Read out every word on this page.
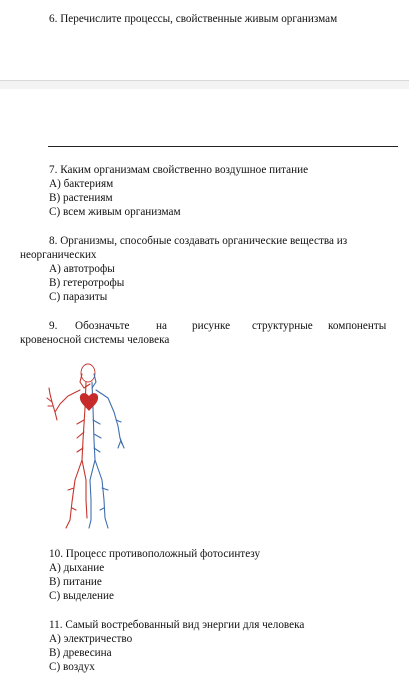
6. Перечислите процессы, свойственные живым организмам
7. Каким организмам свойственно воздушное питание
А) бактериям
В) растениям
С) всем живым организмам
8. Организмы, способные создавать органические вещества из
неорганических
А) автотрофы
В) гетеротрофы
С) паразиты
9. Обозначьте на рисунке структурные компоненты
кровеносной системы человека
10. Процесс противоположный фотосинтезу
А) дыхание
В) питание
С) выделение
11. Самый востребованный вид энергии для человека
А) электричество
В) древесина
С) воздух
